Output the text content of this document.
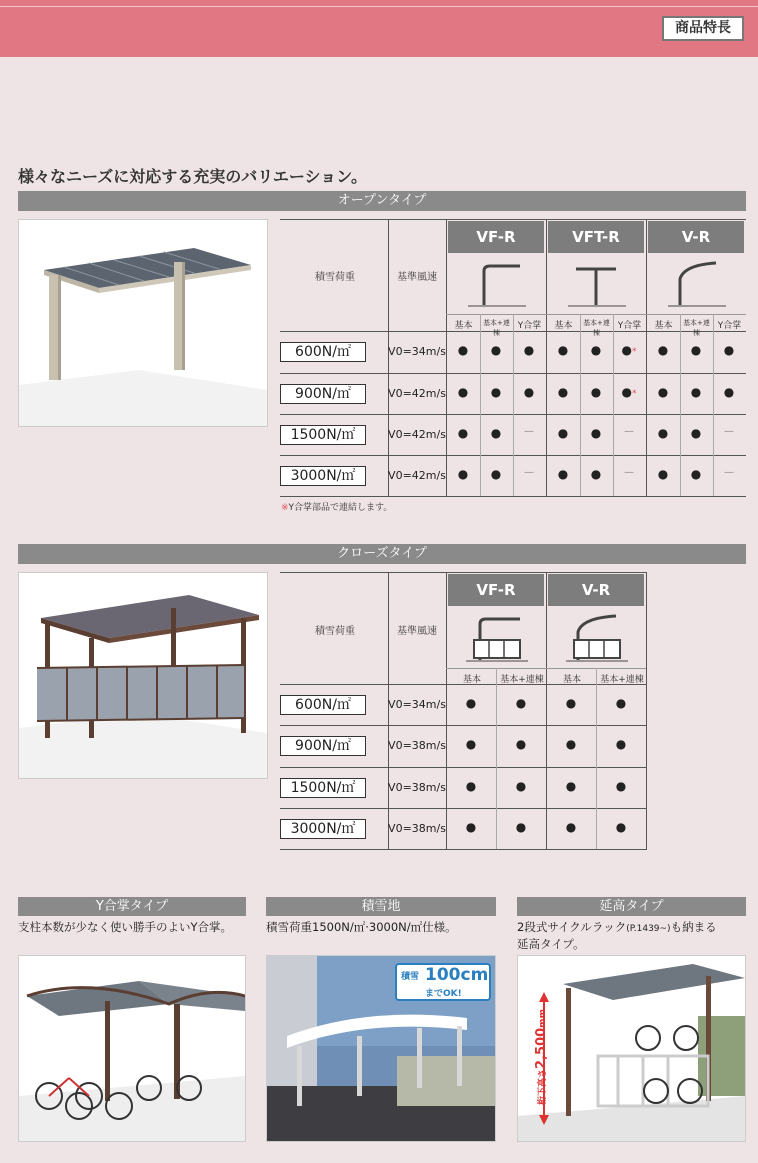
商品特長
様々なニーズに対応する充実のバリエーション。
オープンタイプ
積雪荷重	基準風速
VF-R	VFT-R	V-R
基本	基本+連棟
Y合掌	基本	基本+連棟
Y合掌	基本	基本+連棟
Y合掌
600N/㎡	V0=34m/s ●	●	●	●	●	●*	●	●	●
900N/㎡	V0=42m/s ●	●	●	●	●	●*	●	●	●
1500N/㎡	V0=42m/s ●	●	—	●	●	—	●	●	—
3000N/㎡	V0=42m/s ●	●	—	●	●	—	●	●	—
※Y合掌部品で連結します。
クローズタイプ
積雪荷重	基準風速
VF-R	V-R
基本	基本+連棟	基本	基本+連棟
600N/㎡	V0=34m/s	●	●	●	●
900N/㎡	V0=38m/s	●	●	●	●
1500N/㎡	V0=38m/s	●	●	●	●
3000N/㎡	V0=38m/s	●	●	●	●
Y合掌タイプ
支柱本数が少なく使い勝手のよいY合掌。
積雪地
積雪荷重1500N/㎡·3000N/㎡仕様。
延高タイプ
2段式サイクルラック(P.1439~)も納まる
延高タイプ。
積雪 100cm
までOK!
桁下高さ2,500mm
